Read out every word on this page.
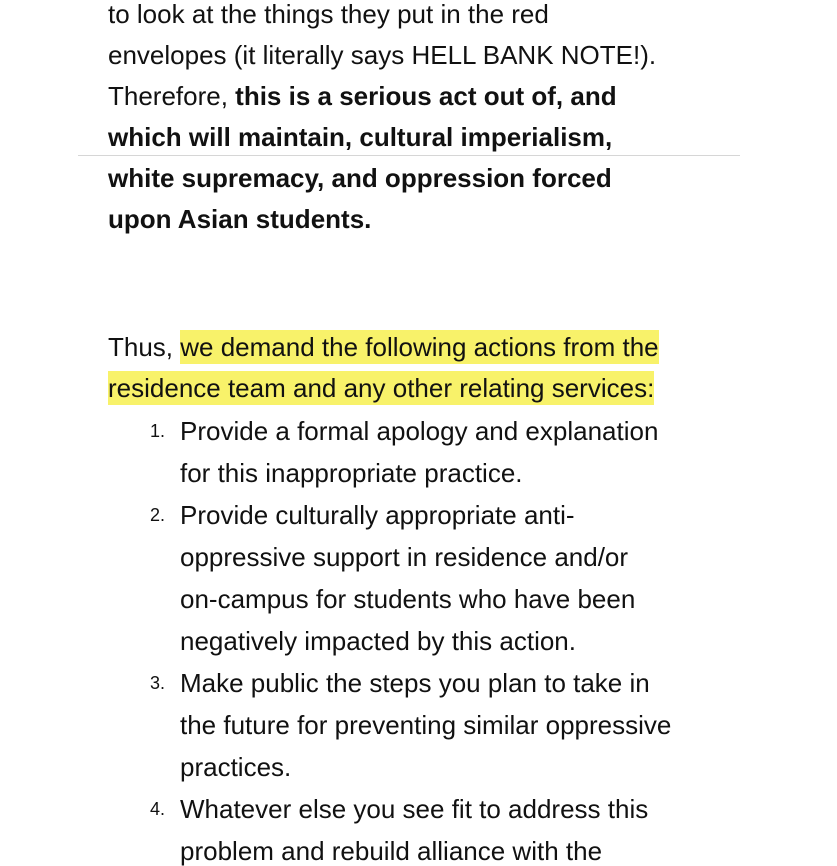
to look at the things they put in the red
envelopes (it literally says HELL BANK NOTE!).
Therefore, this is a serious act out of, and
which will maintain, cultural imperialism,
white supremacy, and oppression forced
upon Asian students.

Thus, we demand the following actions from the
residence team and any other relating services:

1. Provide a formal apology and explanation
for this inappropriate practice.
2. Provide culturally appropriate anti-
oppressive support in residence and/or
on-campus for students who have been
negatively impacted by this action.
3. Make public the steps you plan to take in
the future for preventing similar oppressive
practices.
4. Whatever else you see fit to address this
problem and rebuild alliance with the
